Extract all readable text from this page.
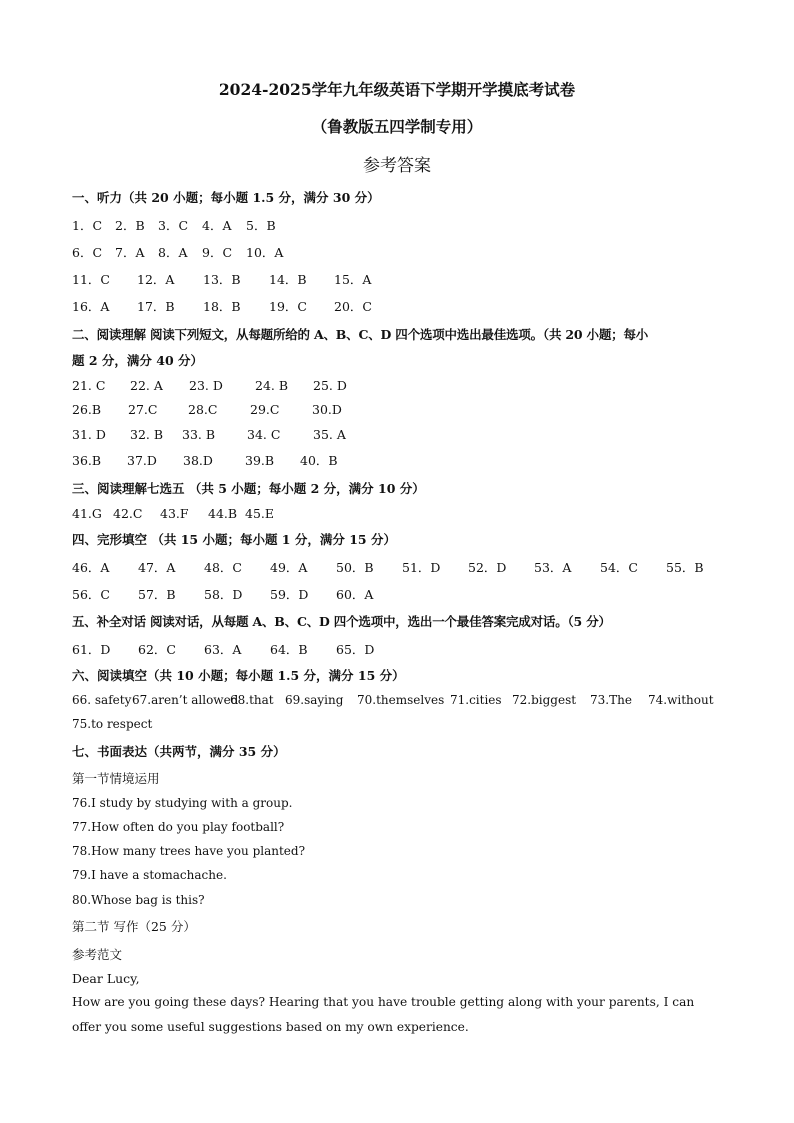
2024-2025学年九年级英语下学期开学摸底考试卷
（鲁教版五四学制专用）
参考答案
一、听力（共 20 小题；每小题 1.5 分，满分 30 分）
1．C 2．B 3．C 4．A 5．B
6．C 7．A 8．A 9．C 10．A
11．C 12．A 13．B 14．B 15．A
16．A 17．B 18．B 19．C 20．C
二、阅读理解 阅读下列短文，从每题所给的 A、B、C、D 四个选项中选出最佳选项。（共 20 小题；每小
题 2 分，满分 40 分）
21. C 22. A 23. D	24. B 25. D
26.B 27.C 28.C	29.C	30.D
31. D 32. B 33. B	34. C	35. A
36.B 37.D 38.D	39.B 40．B
三、阅读理解七选五 （共 5 小题；每小题 2 分，满分 10 分）
41.G 42.C 43.F 44.B 45.E
四、完形填空 （共 15 小题；每小题 1 分，满分 15 分）
46．A 47．A 48．C 49．A 50．B 51．D 52．D 53．A 54．C 55．B
56．C 57．B 58．D 59．D 60．A
五、补全对话 阅读对话，从每题 A、B、C、D 四个选项中，选出一个最佳答案完成对话。（5 分）
61．D 62．C 63．A 64．B 65．D
六、阅读填空（共 10 小题；每小题 1.5 分，满分 15 分）
66. safety67.aren’t allowed68.that 69.saying 70.themselves 71.cities 72.biggest 73.The 74.without
75.to respect
七、书面表达（共两节，满分 35 分）
第一节情境运用
76.I study by studying with a group.
77.How often do you play football?
78.How many trees have you planted?
79.I have a stomachache.
80.Whose bag is this?
第二节 写作（25 分）
参考范文
Dear Lucy,
How are you going these days? Hearing that you have trouble getting along with your parents, I can offer you some useful suggestions based on my own experience.
